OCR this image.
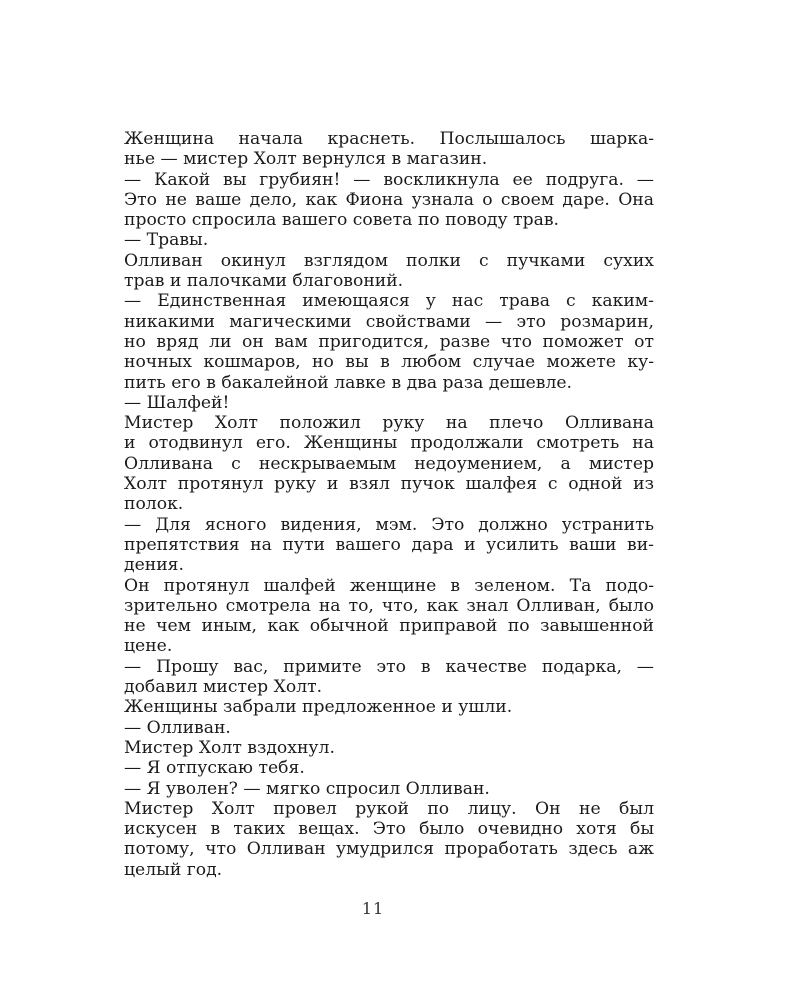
Женщина начала краснеть. Послышалось шарка-
нье — мистер Холт вернулся в магазин.
— Какой вы грубиян! — воскликнула ее подруга. —
Это не ваше дело, как Фиона узнала о своем даре. Она
просто спросила вашего совета по поводу трав.
— Травы.
Олливан окинул взглядом полки с пучками сухих
трав и палочками благовоний.
— Единственная имеющаяся у нас трава с каким-
никакими магическими свойствами — это розмарин,
но вряд ли он вам пригодится, разве что поможет от
ночных кошмаров, но вы в любом случае можете ку-
пить его в бакалейной лавке в два раза дешевле.
— Шалфей!
Мистер Холт положил руку на плечо Олливана
и отодвинул его. Женщины продолжали смотреть на
Олливана с нескрываемым недоумением, а мистер
Холт протянул руку и взял пучок шалфея с одной из
полок.
— Для ясного видения, мэм. Это должно устранить
препятствия на пути вашего дара и усилить ваши ви-
дения.
Он протянул шалфей женщине в зеленом. Та подо-
зрительно смотрела на то, что, как знал Олливан, было
не чем иным, как обычной приправой по завышенной
цене.
— Прошу вас, примите это в качестве подарка, —
добавил мистер Холт.
Женщины забрали предложенное и ушли.
— Олливан.
Мистер Холт вздохнул.
— Я отпускаю тебя.
— Я уволен? — мягко спросил Олливан.
Мистер Холт провел рукой по лицу. Он не был
искусен в таких вещах. Это было очевидно хотя бы
потому, что Олливан умудрился проработать здесь аж
целый год.
11
